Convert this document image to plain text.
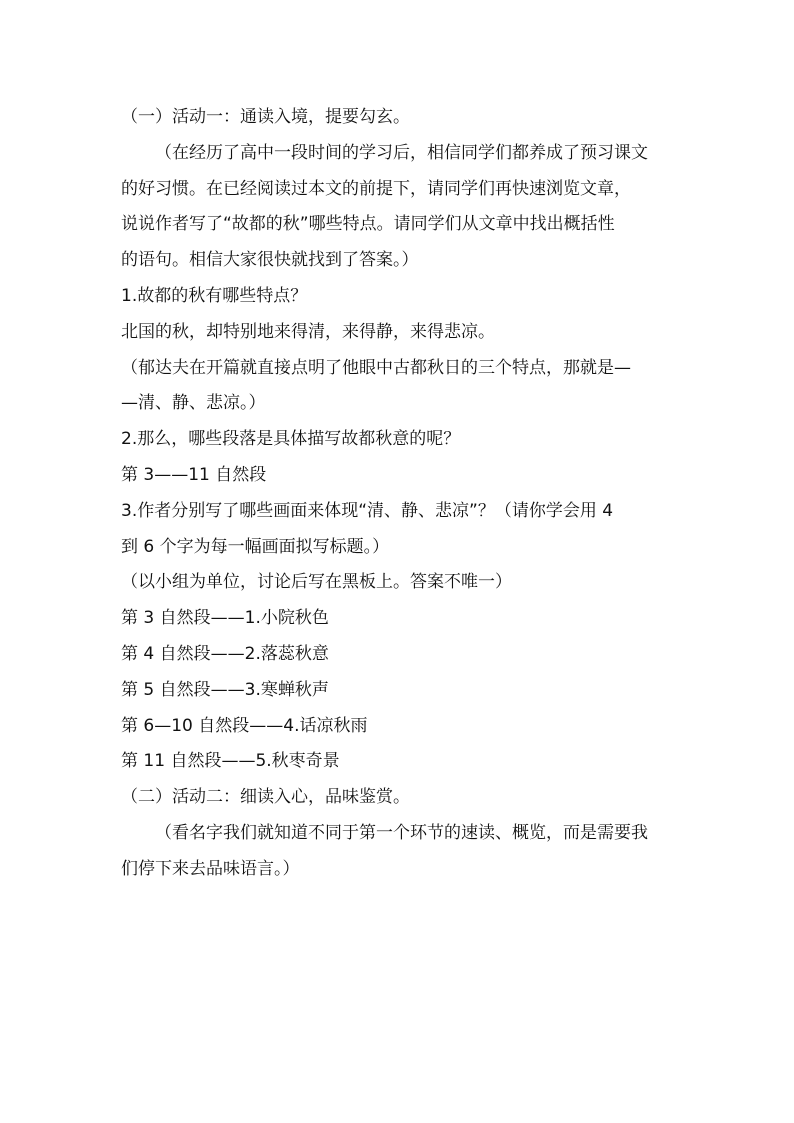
（一）活动一：通读入境，提要勾玄。

（在经历了高中一段时间的学习后，相信同学们都养成了预习课文

的好习惯。在已经阅读过本文的前提下，请同学们再快速浏览文章，

说说作者写了“故都的秋”哪些特点。请同学们从文章中找出概括性

的语句。相信大家很快就找到了答案。）

1.故都的秋有哪些特点？

北国的秋，却特别地来得清，来得静，来得悲凉。

（郁达夫在开篇就直接点明了他眼中古都秋日的三个特点，那就是—

—清、静、悲凉。）

2.那么，哪些段落是具体描写故都秋意的呢？

第 3——11 自然段

3.作者分别写了哪些画面来体现“清、静、悲凉”？（请你学会用 4

到 6 个字为每一幅画面拟写标题。）

（以小组为单位，讨论后写在黑板上。答案不唯一）

第 3 自然段——1.小院秋色

第 4 自然段——2.落蕊秋意

第 5 自然段——3.寒蝉秋声

第 6—10 自然段——4.话凉秋雨

第 11 自然段——5.秋枣奇景

（二）活动二：细读入心，品味鉴赏。

（看名字我们就知道不同于第一个环节的速读、概览，而是需要我

们停下来去品味语言。）
